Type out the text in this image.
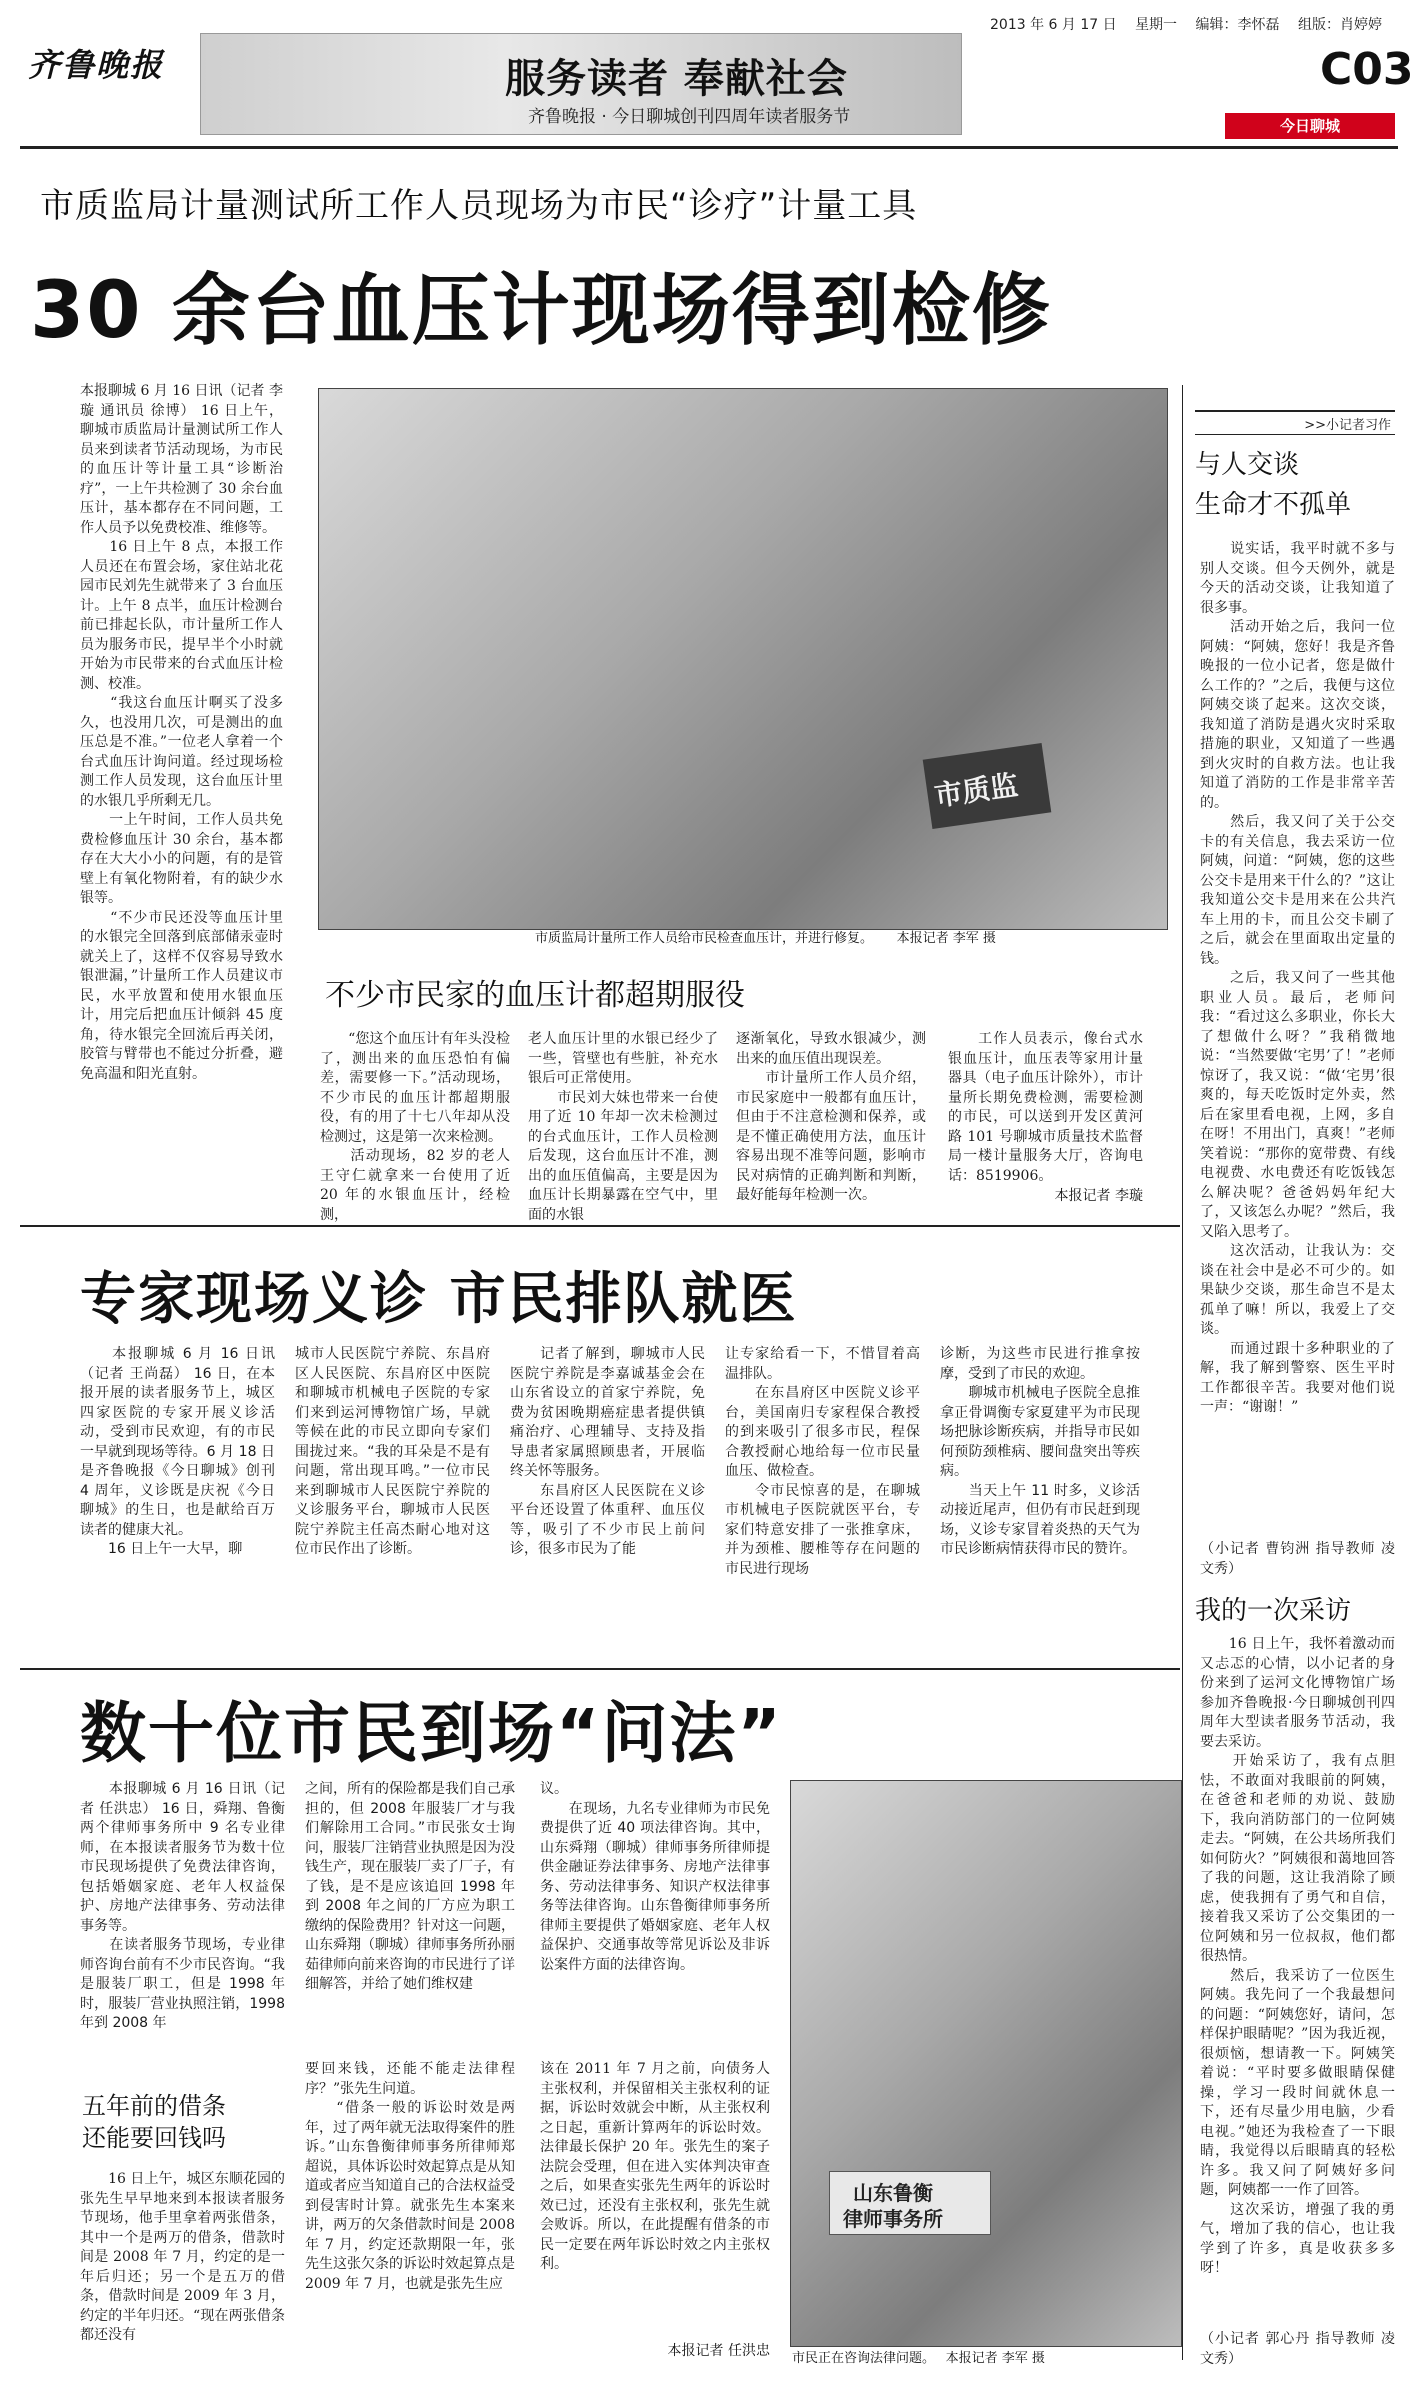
齐鲁晚报	服务读者 奉献社会
齐鲁晚报 · 今日聊城创刊四周年读者服务节
2013 年 6 月 17 日　 星期一　 编辑：李怀磊　 组版：肖婷婷
C03
今日聊城
市质监局计量测试所工作人员现场为市民“诊疗”计量工具
30 余台血压计现场得到检修
本报聊城 6 月 16 日讯（记者 李璇 通讯员 徐博） 16 日上午，聊城市质监局计量测试所工作人员来到读者节活动现场，为市民的血压计等计量工具“诊断治疗”，一上午共检测了 30 余台血压计，基本都存在不同问题，工作人员予以免费校准、维修等。
　　16 日上午 8 点，本报工作人员还在布置会场，家住站北花园市民刘先生就带来了 3 台血压计。上午 8 点半，血压计检测台前已排起长队，市计量所工作人员为服务市民，提早半个小时就开始为市民带来的台式血压计检测、校准。
　　“我这台血压计啊买了没多久，也没用几次，可是测出的血压总是不准。”一位老人拿着一个台式血压计询问道。经过现场检测工作人员发现，这台血压计里的水银几乎所剩无几。
　　一上午时间，工作人员共免费检修血压计 30 余台，基本都存在大大小小的问题，有的是管壁上有氧化物附着，有的缺少水银等。
　　“不少市民还没等血压计里的水银完全回落到底部储汞壶时就关上了，这样不仅容易导致水银泄漏，”计量所工作人员建议市民，水平放置和使用水银血压计，用完后把血压计倾斜 45 度角，待水银完全回流后再关闭，胶管与臂带也不能过分折叠，避免高温和阳光直射。
市质监
市质监局计量所工作人员给市民检查血压计，并进行修复。　　 本报记者 李军 摄
不少市民家的血压计都超期服役
　　“您这个血压计有年头没检了，测出来的血压恐怕有偏差，需要修一下。”活动现场，不少市民的血压计都超期服役，有的用了十七八年却从没检测过，这是第一次来检测。
　　活动现场，82 岁的老人王守仁就拿来一台使用了近 20 年的水银血压计，经检测，
老人血压计里的水银已经少了一些，管壁也有些脏，补充水银后可正常使用。
　　市民刘大妹也带来一台使用了近 10 年却一次未检测过的台式血压计，工作人员检测后发现，这台血压计不准，测出的血压值偏高，主要是因为血压计长期暴露在空气中，里面的水银
逐渐氧化，导致水银减少，测出来的血压值出现误差。
　　市计量所工作人员介绍，市民家庭中一般都有血压计，但由于不注意检测和保养，或是不懂正确使用方法，血压计容易出现不准等问题，影响市民对病情的正确判断和判断，最好能每年检测一次。
　　工作人员表示，像台式水银血压计，血压表等家用计量器具（电子血压计除外），市计量所长期免费检测，需要检测的市民，可以送到开发区黄河路 101 号聊城市质量技术监督局一楼计量服务大厅，咨询电话：8519906。
本报记者 李璇
专家现场义诊 市民排队就医
　　本报聊城 6 月 16 日讯（记者 王尚磊） 16 日，在本报开展的读者服务节上，城区四家医院的专家开展义诊活动，受到市民欢迎，有的市民一早就到现场等待。6 月 18 日是齐鲁晚报《今日聊城》创刊 4 周年，义诊既是庆祝《今日聊城》的生日，也是献给百万读者的健康大礼。
　　16 日上午一大早，聊
城市人民医院宁养院、东昌府区人民医院、东昌府区中医院和聊城市机械电子医院的专家们来到运河博物馆广场，早就等候在此的市民立即向专家们围拢过来。“我的耳朵是不是有问题，常出现耳鸣。”一位市民来到聊城市人民医院宁养院的义诊服务平台，聊城市人民医院宁养院主任高杰耐心地对这位市民作出了诊断。
　　记者了解到，聊城市人民医院宁养院是李嘉诚基金会在山东省设立的首家宁养院，免费为贫困晚期癌症患者提供镇痛治疗、心理辅导、支持及指导患者家属照顾患者，开展临终关怀等服务。
　　东昌府区人民医院在义诊平台还设置了体重秤、血压仪等，吸引了不少市民上前问诊，很多市民为了能
让专家给看一下，不惜冒着高温排队。
　　在东昌府区中医院义诊平台，美国南归专家程保合教授的到来吸引了很多市民，程保合教授耐心地给每一位市民量血压、做检查。
　　令市民惊喜的是，在聊城市机械电子医院就医平台，专家们特意安排了一张推拿床，并为颈椎、腰椎等存在问题的市民进行现场
诊断，为这些市民进行推拿按摩，受到了市民的欢迎。
　　聊城市机械电子医院全息推拿正骨调衡专家夏建平为市民现场把脉诊断疾病，并指导市民如何预防颈椎病、腰间盘突出等疾病。
　　当天上午 11 时多，义诊活动接近尾声，但仍有市民赶到现场，义诊专家冒着炎热的天气为市民诊断病情获得市民的赞许。
数十位市民到场“问法”
　　本报聊城 6 月 16 日讯（记者 任洪忠） 16 日，舜翔、鲁衡两个律师事务所中 9 名专业律师，在本报读者服务节为数十位市民现场提供了免费法律咨询，包括婚姻家庭、老年人权益保护、房地产法律事务、劳动法律事务等。
　　在读者服务节现场，专业律师咨询台前有不少市民咨询。“我是服装厂职工，但是 1998 年时，服装厂营业执照注销，1998 年到 2008 年
之间，所有的保险都是我们自己承担的，但 2008 年服装厂才与我们解除用工合同。”市民张女士询问，服装厂注销营业执照是因为没钱生产，现在服装厂卖了厂子，有了钱，是不是应该追回 1998 年到 2008 年之间的厂方应为职工缴纳的保险费用？针对这一问题，山东舜翔（聊城）律师事务所孙丽茹律师向前来咨询的市民进行了详细解答，并给了她们维权建
议。
　　在现场，九名专业律师为市民免费提供了近 40 项法律咨询。其中，山东舜翔（聊城）律师事务所律师提供金融证券法律事务、房地产法律事务、劳动法律事务、知识产权法律事务等法律咨询。山东鲁衡律师事务所律师主要提供了婚姻家庭、老年人权益保护、交通事故等常见诉讼及非诉讼案件方面的法律咨询。
五年前的借条
还能要回钱吗
　　16 日上午，城区东顺花园的张先生早早地来到本报读者服务节现场，他手里拿着两张借条，其中一个是两万的借条，借款时间是 2008 年 7 月，约定的是一年后归还；另一个是五万的借条，借款时间是 2009 年 3 月，约定的半年归还。“现在两张借条都还没有
要回来钱，还能不能走法律程序？”张先生问道。
　　“借条一般的诉讼时效是两年，过了两年就无法取得案件的胜诉。”山东鲁衡律师事务所律师郑超说，具体诉讼时效起算点是从知道或者应当知道自己的合法权益受到侵害时计算。就张先生本案来讲，两万的欠条借款时间是 2008 年 7 月，约定还款期限一年，张先生这张欠条的诉讼时效起算点是 2009 年 7 月，也就是张先生应
该在 2011 年 7 月之前，向债务人主张权利，并保留相关主张权利的证据，诉讼时效就会中断，从主张权利之日起，重新计算两年的诉讼时效。法律最长保护 20 年。张先生的案子法院会受理，但在进入实体判决审查之后，如果查实张先生两年的诉讼时效已过，还没有主张权利，张先生就会败诉。所以，在此提醒有借条的市民一定要在两年诉讼时效之内主张权利。
本报记者 任洪忠
山东鲁衡
律师事务所
市民正在咨询法律问题。　 本报记者 李军 摄
>>小记者习作
与人交谈
生命才不孤单
　　说实话，我平时就不多与别人交谈。但今天例外，就是今天的活动交谈，让我知道了很多事。
　　活动开始之后，我问一位阿姨：“阿姨，您好！我是齐鲁晚报的一位小记者，您是做什么工作的？”之后，我便与这位阿姨交谈了起来。这次交谈，我知道了消防是遇火灾时采取措施的职业，又知道了一些遇到火灾时的自救方法。也让我知道了消防的工作是非常辛苦的。
　　然后，我又问了关于公交卡的有关信息，我去采访一位阿姨，问道：“阿姨，您的这些公交卡是用来干什么的？”这让我知道公交卡是用来在公共汽车上用的卡，而且公交卡刷了之后，就会在里面取出定量的钱。
　　之后，我又问了一些其他职业人员。最后，老师问我：“看过这么多职业，你长大了想做什么呀？”我稍微地说：“当然要做‘宅男’了！”老师惊讶了，我又说：“做‘宅男’很爽的，每天吃饭时定外卖，然后在家里看电视，上网，多自在呀！不用出门，真爽！”老师笑着说：“那你的宽带费、有线电视费、水电费还有吃饭钱怎么解决呢？爸爸妈妈年纪大了，又该怎么办呢？”然后，我又陷入思考了。
　　这次活动，让我认为：交谈在社会中是必不可少的。如果缺少交谈，那生命岂不是太孤单了嘛！所以，我爱上了交谈。
　　而通过跟十多种职业的了解，我了解到警察、医生平时工作都很辛苦。我要对他们说一声：“谢谢！”
（小记者 曹钧洲 指导教师 凌文秀）
我的一次采访
　　16 日上午，我怀着激动而又忐忑的心情，以小记者的身份来到了运河文化博物馆广场参加齐鲁晚报·今日聊城创刊四周年大型读者服务节活动，我要去采访。
　　开始采访了，我有点胆怯，不敢面对我眼前的阿姨，在爸爸和老师的劝说、鼓励下，我向消防部门的一位阿姨走去。“阿姨，在公共场所我们如何防火？”阿姨很和蔼地回答了我的问题，这让我消除了顾虑，使我拥有了勇气和自信，接着我又采访了公交集团的一位阿姨和另一位叔叔，他们都很热情。
　　然后，我采访了一位医生阿姨。我先问了一个我最想问的问题：“阿姨您好，请问，怎样保护眼睛呢？”因为我近视，很烦恼，想请教一下。阿姨笑着说：“平时要多做眼睛保健操，学习一段时间就休息一下，还有尽量少用电脑，少看电视。”她还为我检查了一下眼睛，我觉得以后眼睛真的轻松许多。我又问了阿姨好多问题，阿姨都一一作了回答。
　　这次采访，增强了我的勇气，增加了我的信心，也让我学到了许多，真是收获多多呀！
（小记者 郭心丹 指导教师 凌文秀）
